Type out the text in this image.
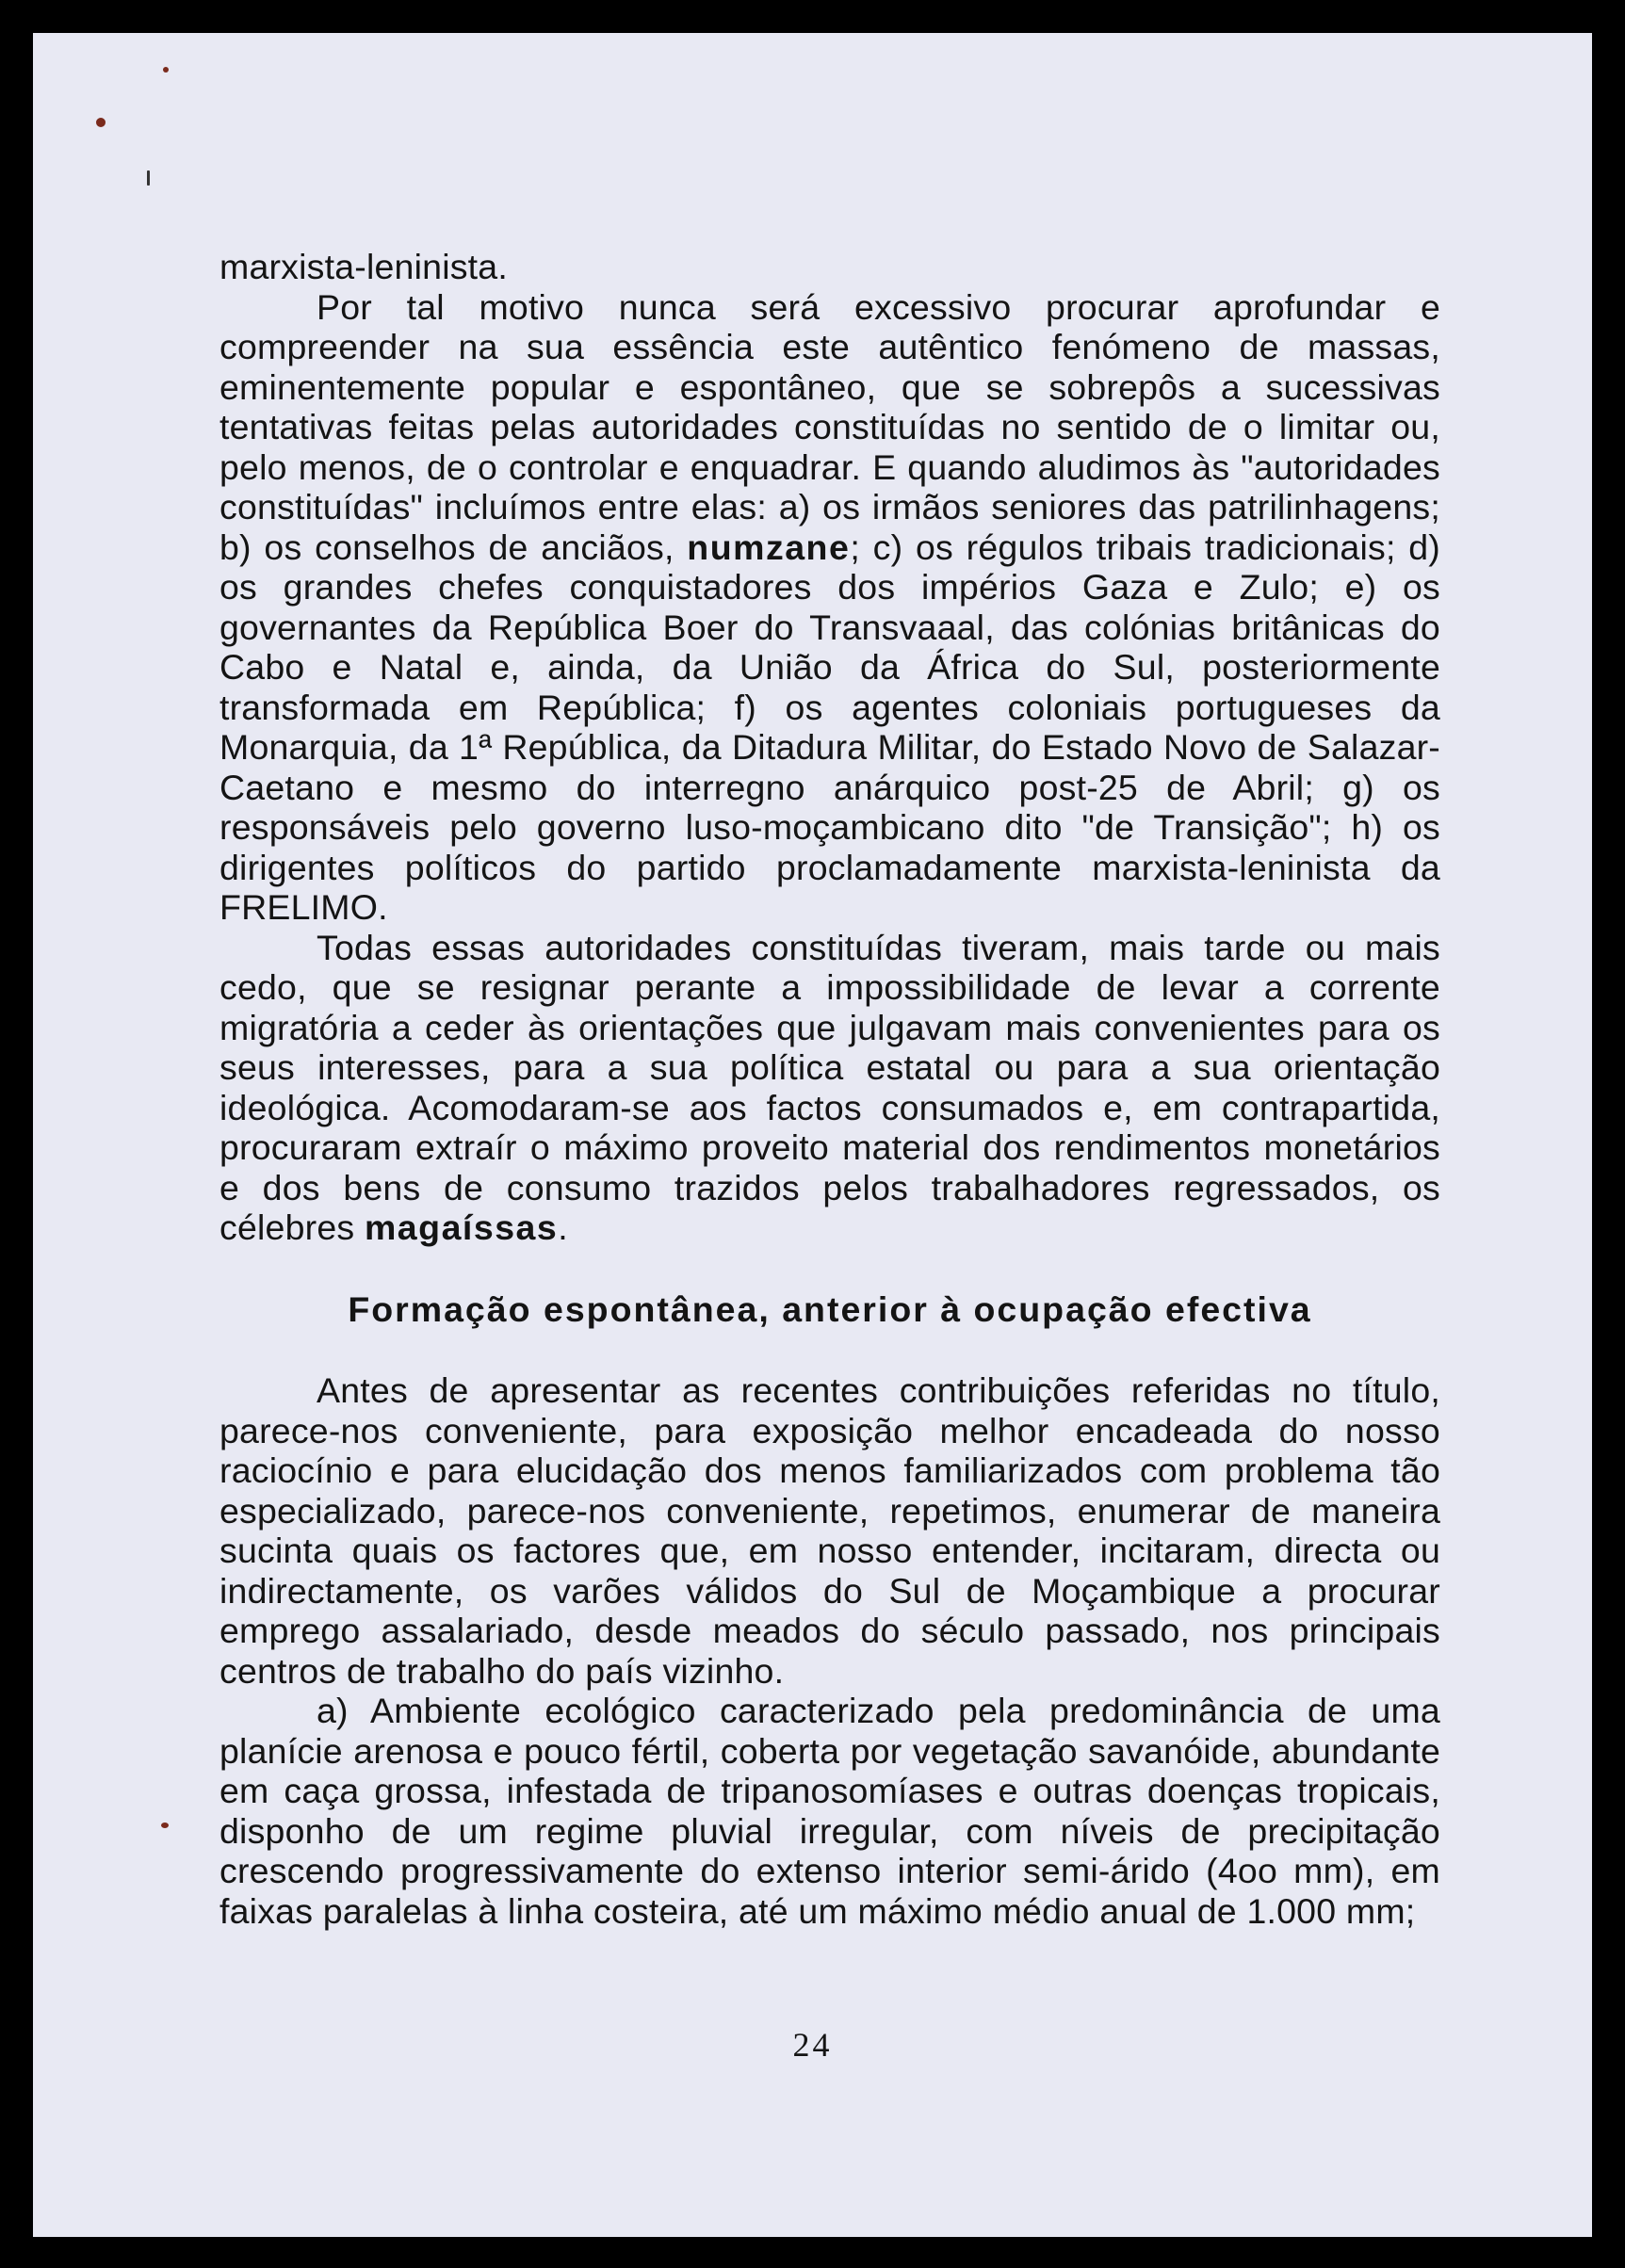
marxista-leninista.

Por tal motivo nunca será excessivo procurar aprofundar e compreender na sua essência este autêntico fenómeno de massas, eminentemente popular e espontâneo, que se sobrepôs a sucessivas tentativas feitas pelas autoridades constituídas no sentido de o limitar ou, pelo menos, de o controlar e enquadrar. E quando aludimos às "autoridades constituídas" incluímos entre elas: a) os irmãos seniores das patrilinhagens; b) os conselhos de anciãos, numzane; c) os régulos tribais tradicionais; d) os grandes chefes conquistadores dos impérios Gaza e Zulo; e) os governantes da República Boer do Transvaaal, das colónias britânicas do Cabo e Natal e, ainda, da União da África do Sul, posteriormente transformada em República; f) os agentes coloniais portugueses da Monarquia, da 1ª República, da Ditadura Militar, do Estado Novo de Salazar-Caetano e mesmo do interregno anárquico post-25 de Abril; g) os responsáveis pelo governo luso-moçambicano dito "de Transição"; h) os dirigentes políticos do partido proclamadamente marxista-leninista da FRELIMO.

Todas essas autoridades constituídas tiveram, mais tarde ou mais cedo, que se resignar perante a impossibilidade de levar a corrente migratória a ceder às orientações que julgavam mais convenientes para os seus interesses, para a sua política estatal ou para a sua orientação ideológica. Acomodaram-se aos factos consumados e, em contrapartida, procuraram extraír o máximo proveito material dos rendimentos monetários e dos bens de consumo trazidos pelos trabalhadores regressados, os célebres magaíssas.

Formação espontânea, anterior à ocupação efectiva

Antes de apresentar as recentes contribuições referidas no título, parece-nos conveniente, para exposição melhor encadeada do nosso raciocínio e para elucidação dos menos familiarizados com problema tão especializado, parece-nos conveniente, repetimos, enumerar de maneira sucinta quais os factores que, em nosso entender, incitaram, directa ou indirectamente, os varões válidos do Sul de Moçambique a procurar emprego assalariado, desde meados do século passado, nos principais centros de trabalho do país vizinho.

a) Ambiente ecológico caracterizado pela predominância de uma planície arenosa e pouco fértil, coberta por vegetação savanóide, abundante em caça grossa, infestada de tripanosomíases e outras doenças tropicais, disponho de um regime pluvial irregular, com níveis de precipitação crescendo progressivamente do extenso interior semi-árido (4oo mm), em faixas paralelas à linha costeira, até um máximo médio anual de 1.000 mm;

24
